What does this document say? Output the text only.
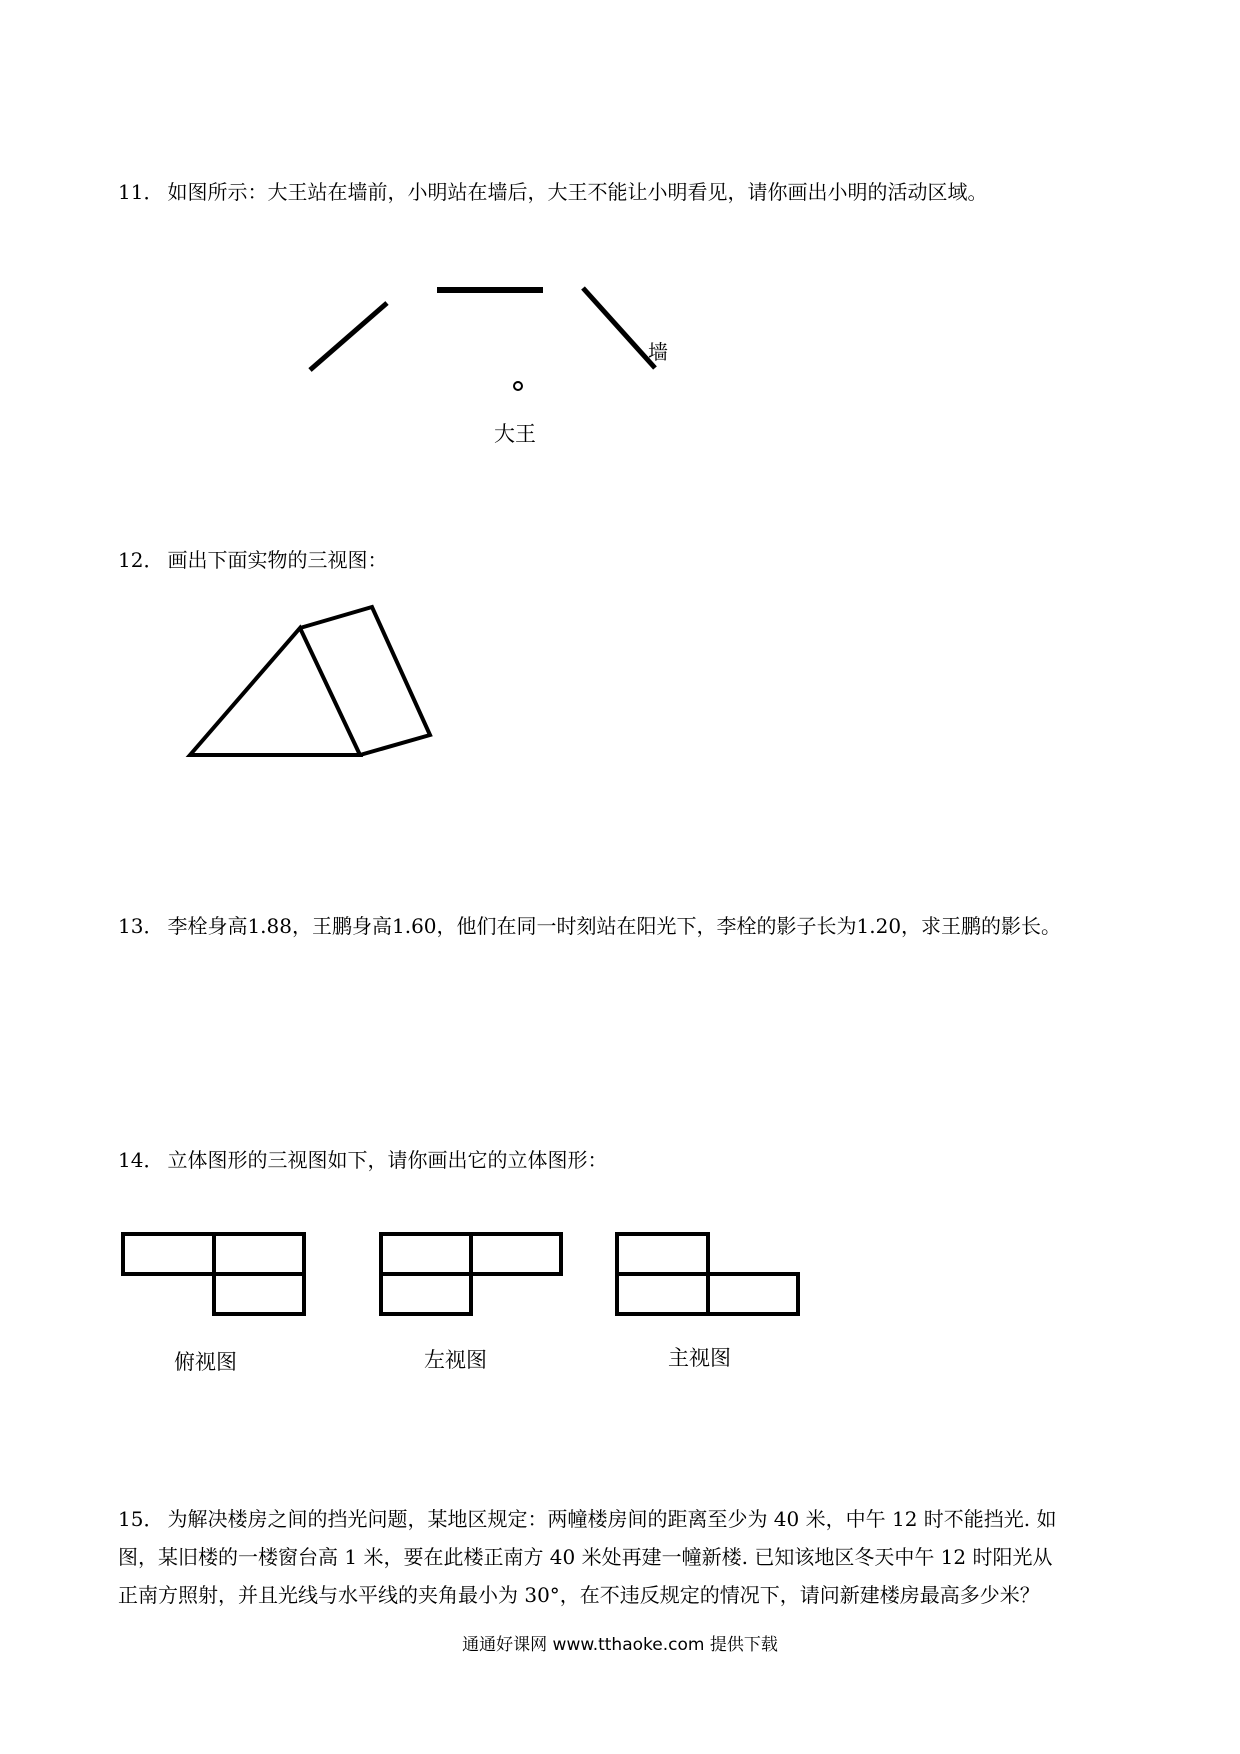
11． 如图所示：大王站在墙前，小明站在墙后，大王不能让小明看见，请你画出小明的活动区域。
墙
大王
12． 画出下面实物的三视图：
13． 李栓身高1.88，王鹏身高1.60，他们在同一时刻站在阳光下，李栓的影子长为1.20，求王鹏的影长。
14． 立体图形的三视图如下，请你画出它的立体图形：
俯视图	左视图	主视图

15． 为解决楼房之间的挡光问题，某地区规定：两幢楼房间的距离至少为 40 米，中午 12 时不能挡光. 如

图，某旧楼的一楼窗台高 1 米，要在此楼正南方 40 米处再建一幢新楼. 已知该地区冬天中午 12 时阳光从

正南方照射，并且光线与水平线的夹角最小为 30°，在不违反规定的情况下，请问新建楼房最高多少米？

通通好课网 www.tthaoke.com 提供下载
